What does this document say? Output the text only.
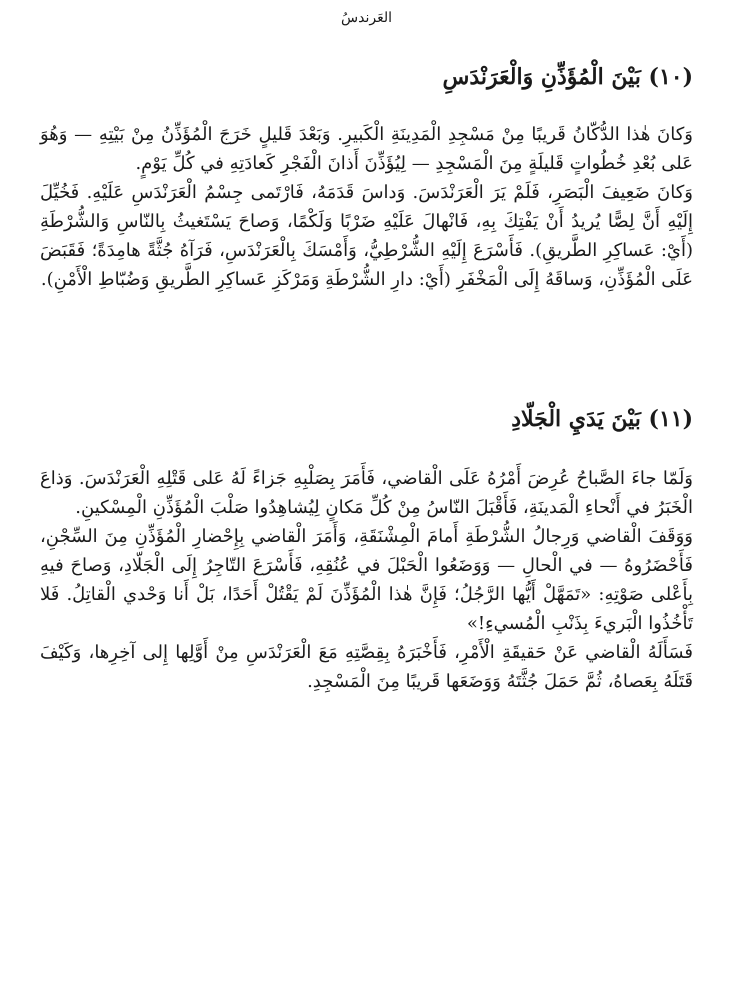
العَرندسُ
(١٠) بَيْنَ الْمُؤَذِّنِ وَالْعَرَنْدَسِ

وَكانَ هٰذا الدُّكّانُ قَريبًا مِنْ مَسْجِدِ الْمَدِينَةِ الْكَبيرِ. وَبَعْدَ قَليلٍ خَرَجَ الْمُؤَذِّنُ مِنْ بَيْتِهِ — وَهُوَ عَلى بُعْدِ خُطُواتٍ قَليلَةٍ مِنَ الْمَسْجِدِ — لِيُؤَذِّنَ أَذانَ الْفَجْرِ كَعادَتِهِ في كُلِّ يَوْمٍ.

وَكانَ ضَعِيفَ الْبَصَرِ، فَلَمْ يَرَ الْعَرَنْدَسَ. وَداسَ قَدَمَهُ، فَارْتَمى جِسْمُ الْعَرَنْدَسِ عَلَيْهِ. فَخُيِّلَ إِلَيْهِ أَنَّ لِصًّا يُريدُ أَنْ يَفْتِكَ بِهِ، فَانْهالَ عَلَيْهِ ضَرْبًا وَلَكْمًا، وَصاحَ يَسْتَغيثُ بِالنّاسِ وَالشُّرْطَةِ (أَيْ: عَساكِرِ الطَّريقِ). فَأَسْرَعَ إِلَيْهِ الشُّرْطِيُّ، وَأَمْسَكَ بِالْعَرَنْدَسِ، فَرَآهُ جُثَّةً هامِدَةً؛ فَقَبَضَ عَلَى الْمُؤَذِّنِ، وَساقَهُ إِلَى الْمَخْفَرِ (أَيْ: دارِ الشُّرْطَةِ وَمَرْكَزِ عَساكِرِ الطَّريقِ وَضُبّاطِ الْأَمْنِ).

(١١) بَيْنَ يَدَيِ الْجَلّادِ

وَلَمّا جاءَ الصَّباحُ عُرِضَ أَمْرُهُ عَلَى الْقاضي، فَأَمَرَ بِصَلْبِهِ جَزاءً لَهُ عَلى قَتْلِهِ الْعَرَنْدَسَ. وَذاعَ الْخَبَرُ في أَنْحاءِ الْمَدينَةِ، فَأَقْبَلَ النّاسُ مِنْ كُلِّ مَكانٍ لِيُشاهِدُوا صَلْبَ الْمُؤَذِّنِ الْمِسْكينِ.

وَوَقَفَ الْقاضي وَرِجالُ الشُّرْطَةِ أَمامَ الْمِشْنَقَةِ، وَأَمَرَ الْقاضي بِإِحْضارِ الْمُؤَذِّنِ مِنَ السِّجْنِ، فَأَحْضَرُوهُ — في الْحالِ — وَوَضَعُوا الْحَبْلَ في عُنُقِهِ، فَأَسْرَعَ التّاجِرُ إِلَى الْجَلّادِ، وَصاحَ فيهِ بِأَعْلى صَوْتِهِ: «تَمَهَّلْ أَيُّها الرَّجُلُ؛ فَإِنَّ هٰذا الْمُؤَذِّنَ لَمْ يَقْتُلْ أَحَدًا، بَلْ أَنا وَحْدي الْقاتِلُ. فَلا تَأْخُذُوا الْبَريءَ بِذَنْبِ الْمُسيءِ!»

فَسَأَلَهُ الْقاضي عَنْ حَقيقَةِ الْأَمْرِ، فَأَخْبَرَهُ بِقِصَّتِهِ مَعَ الْعَرَنْدَسِ مِنْ أَوَّلِها إِلى آخِرِها، وَكَيْفَ قَتَلَهُ بِعَصاهُ، ثُمَّ حَمَلَ جُثَّتَهُ وَوَضَعَها قَريبًا مِنَ الْمَسْجِدِ.
